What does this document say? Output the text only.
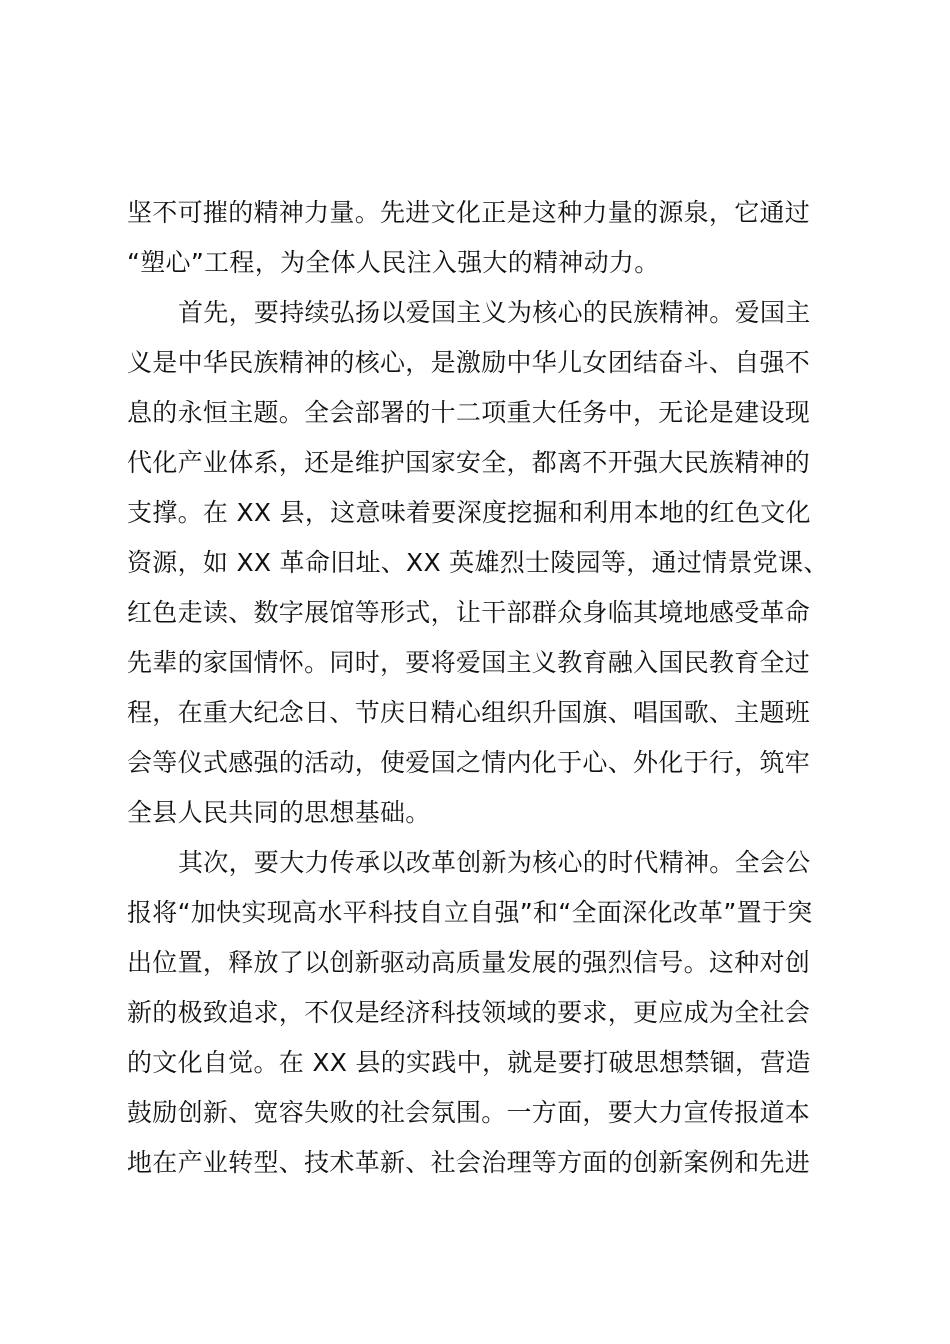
坚不可摧的精神力量。先进文化正是这种力量的源泉，它通过
“塑心”工程，为全体人民注入强大的精神动力。
首先，要持续弘扬以爱国主义为核心的民族精神。爱国主
义是中华民族精神的核心，是激励中华儿女团结奋斗、自强不
息的永恒主题。全会部署的十二项重大任务中，无论是建设现
代化产业体系，还是维护国家安全，都离不开强大民族精神的
支撑。在 XX 县，这意味着要深度挖掘和利用本地的红色文化
资源，如 XX 革命旧址、XX 英雄烈士陵园等，通过情景党课、
红色走读、数字展馆等形式，让干部群众身临其境地感受革命
先辈的家国情怀。同时，要将爱国主义教育融入国民教育全过
程，在重大纪念日、节庆日精心组织升国旗、唱国歌、主题班
会等仪式感强的活动，使爱国之情内化于心、外化于行，筑牢
全县人民共同的思想基础。
其次，要大力传承以改革创新为核心的时代精神。全会公
报将“加快实现高水平科技自立自强”和“全面深化改革”置于突
出位置，释放了以创新驱动高质量发展的强烈信号。这种对创
新的极致追求，不仅是经济科技领域的要求，更应成为全社会
的文化自觉。在 XX 县的实践中，就是要打破思想禁锢，营造
鼓励创新、宽容失败的社会氛围。一方面，要大力宣传报道本
地在产业转型、技术革新、社会治理等方面的创新案例和先进
